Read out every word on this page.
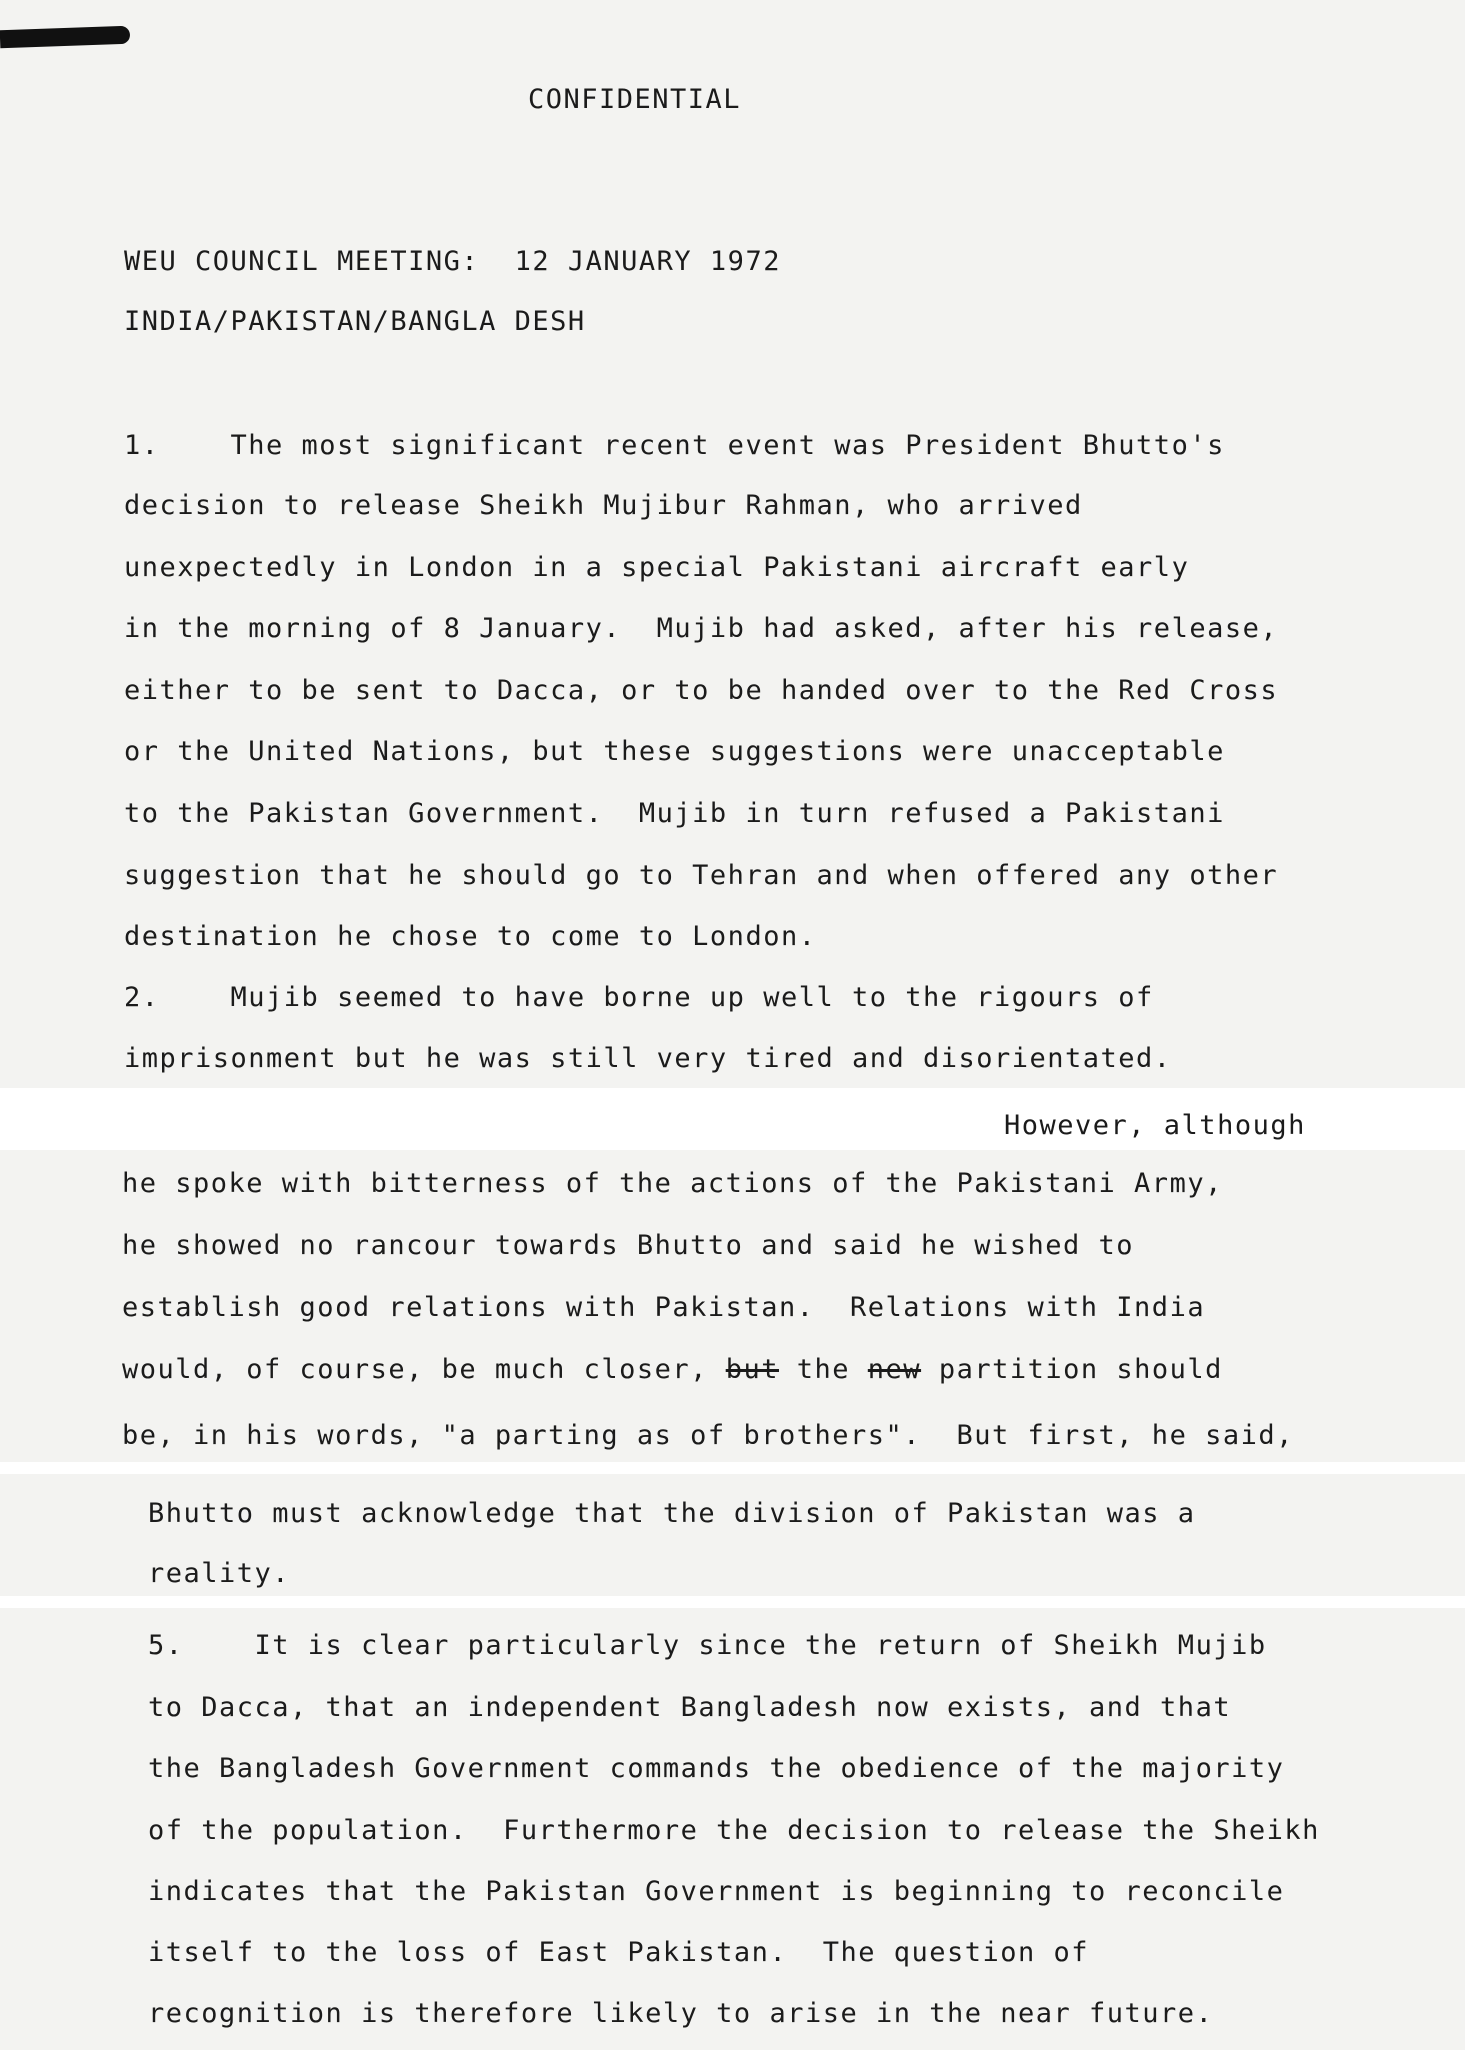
CONFIDENTIAL
WEU COUNCIL MEETING:  12 JANUARY 1972
INDIA/PAKISTAN/BANGLA DESH
1.    The most significant recent event was President Bhutto's
decision to release Sheikh Mujibur Rahman, who arrived
unexpectedly in London in a special Pakistani aircraft early
in the morning of 8 January.  Mujib had asked, after his release,
either to be sent to Dacca, or to be handed over to the Red Cross
or the United Nations, but these suggestions were unacceptable
to the Pakistan Government.  Mujib in turn refused a Pakistani
suggestion that he should go to Tehran and when offered any other
destination he chose to come to London.
2.    Mujib seemed to have borne up well to the rigours of
imprisonment but he was still very tired and disorientated.
However, although
he spoke with bitterness of the actions of the Pakistani Army,
he showed no rancour towards Bhutto and said he wished to
establish good relations with Pakistan.  Relations with India
would, of course, be much closer, but the new partition should
be, in his words, "a parting as of brothers".  But first, he said,
Bhutto must acknowledge that the division of Pakistan was a
reality.
5.    It is clear particularly since the return of Sheikh Mujib
to Dacca, that an independent Bangladesh now exists, and that
the Bangladesh Government commands the obedience of the majority
of the population.  Furthermore the decision to release the Sheikh
indicates that the Pakistan Government is beginning to reconcile
itself to the loss of East Pakistan.  The question of
recognition is therefore likely to arise in the near future.
